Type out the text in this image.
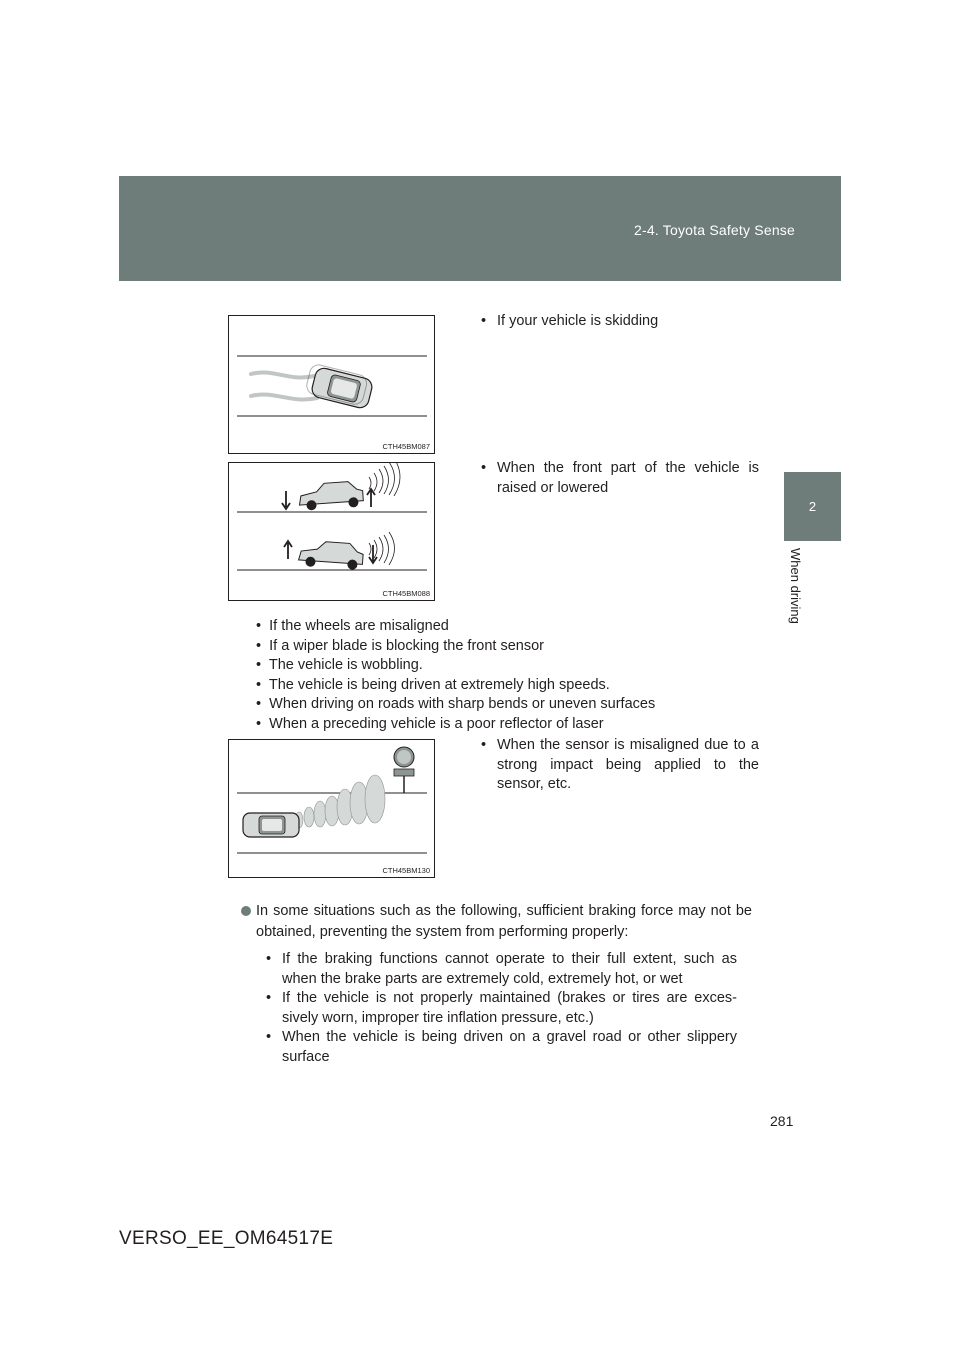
2-4. Toyota Safety Sense
2
When driving
CTH45BM087
• If your vehicle is skidding
CTH45BM088
• When the front part of the vehicle is raised or lowered
•  If the wheels are misaligned
•  If a wiper blade is blocking the front sensor
•  The vehicle is wobbling.
•  The vehicle is being driven at extremely high speeds.
•  When driving on roads with sharp bends or uneven surfaces
•  When a preceding vehicle is a poor reflector of laser
CTH45BM130
• When the sensor is misaligned due to a strong impact being applied to the sensor, etc.
In some situations such as the following, sufficient braking force may not be obtained, preventing the system from performing properly:
• If the braking functions cannot operate to their full extent, such as when the brake parts are extremely cold, extremely hot, or wet
• If the vehicle is not properly maintained (brakes or tires are exces-sively worn, improper tire inflation pressure, etc.)
• When the vehicle is being driven on a gravel road or other slippery surface
281
VERSO_EE_OM64517E
